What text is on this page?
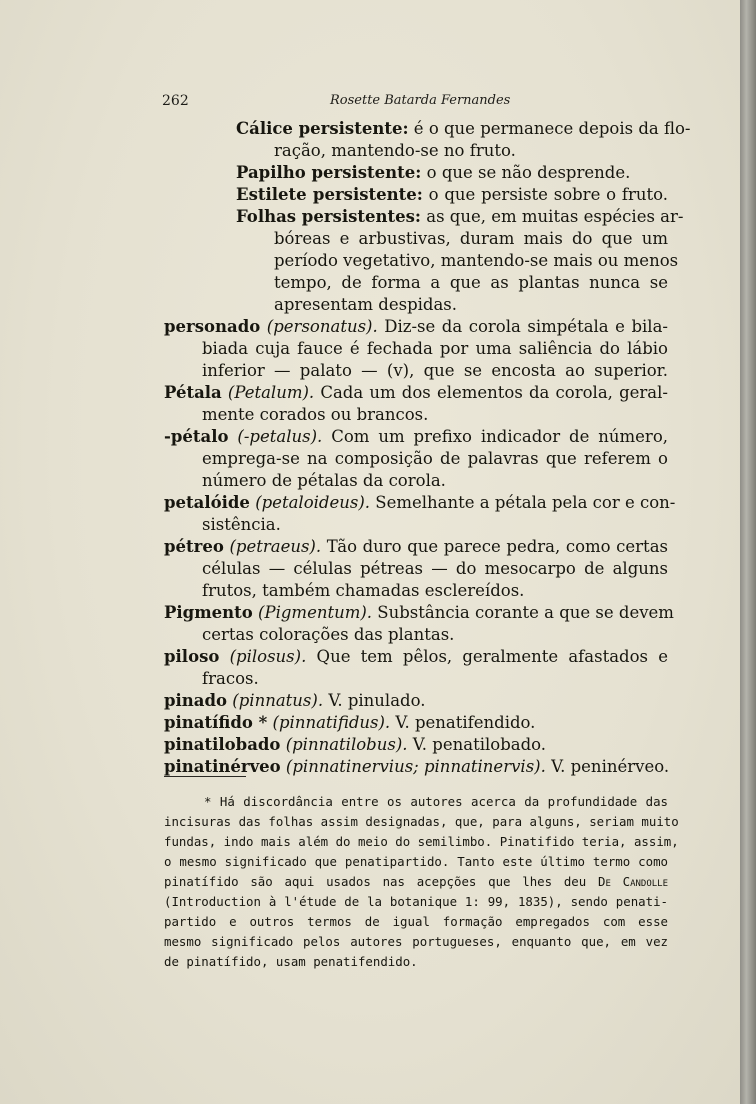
262	Rosette Batarda Fernandes
Cálice persistente: é o que permanece depois da flo-
ração, mantendo-se no fruto.
Papilho persistente: o que se não desprende.
Estilete persistente: o que persiste sobre o fruto.
Folhas persistentes: as que, em muitas espécies ar-
bóreas e arbustivas, duram mais do que um
período vegetativo, mantendo-se mais ou menos
tempo, de forma a que as plantas nunca se
apresentam despidas.
personado (personatus). Diz-se da corola simpétala e bila-
biada cuja fauce é fechada por uma saliência do lábio
inferior — palato — (v), que se encosta ao superior.
Pétala (Petalum). Cada um dos elementos da corola, geral-
mente corados ou brancos.
-pétalo (-petalus). Com um prefixo indicador de número,
emprega-se na composição de palavras que referem o
número de pétalas da corola.
petalóide (petaloideus). Semelhante a pétala pela cor e con-
sistência.
pétreo (petraeus). Tão duro que parece pedra, como certas
células — células pétreas — do mesocarpo de alguns
frutos, também chamadas esclereídos.
Pigmento (Pigmentum). Substância corante a que se devem
certas colorações das plantas.
piloso (pilosus). Que tem pêlos, geralmente afastados e
fracos.
pinado (pinnatus). V. pinulado.
pinatífido * (pinnatifidus). V. penatifendido.
pinatilobado (pinnatilobus). V. penatilobado.
pinatinérveo (pinnatinervius; pinnatinervis). V. peninérveo.
* Há discordância entre os autores acerca da profundidade das
incisuras das folhas assim designadas, que, para alguns, seriam muito
fundas, indo mais além do meio do semilimbo. Pinatifido teria, assim,
o mesmo significado que penatipartido. Tanto este último termo como
pinatífido são aqui usados nas acepções que lhes deu De Candolle
(Introduction à l'étude de la botanique 1: 99, 1835), sendo penati-
partido e outros termos de igual formação empregados com esse
mesmo significado pelos autores portugueses, enquanto que, em vez
de pinatífido, usam penatifendido.
